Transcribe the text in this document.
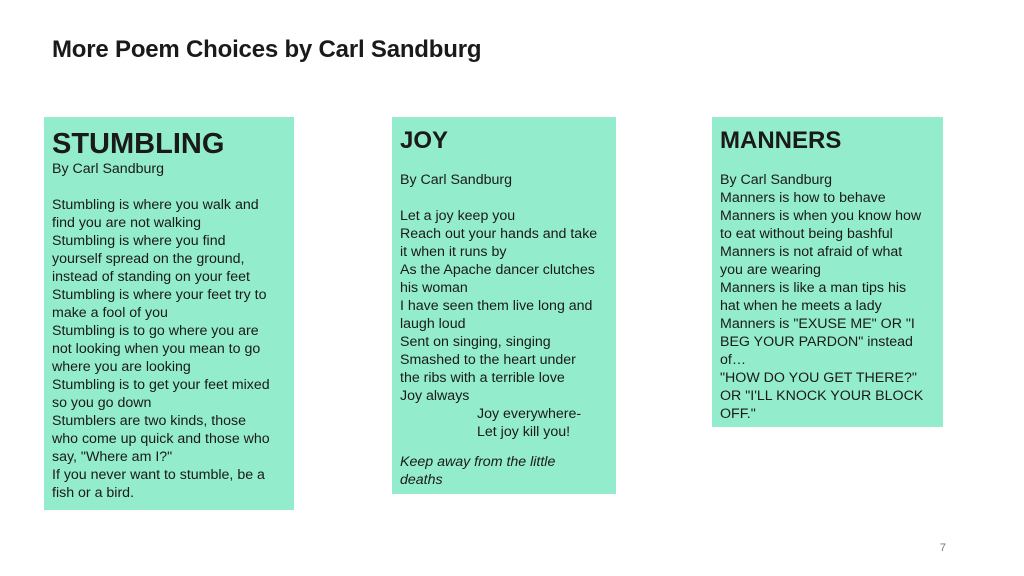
More Poem Choices by Carl Sandburg
STUMBLING
By Carl Sandburg
Stumbling is where you walk and
find you are not walking
Stumbling is where you find
yourself spread on the ground,
instead of standing on your feet
Stumbling is where your feet try to
make a fool of you
Stumbling is to go where you are
not looking when you mean to go
where you are looking
Stumbling is to get your feet mixed
so you go down
Stumblers are two kinds, those
who come up quick and those who
say, "Where am I?"
If you never want to stumble, be a
fish or a bird.
JOY
By Carl Sandburg
Let a joy keep you
Reach out your hands and take
it when it runs by
As the Apache dancer clutches
his woman
I have seen them live long and
laugh loud
Sent on singing, singing
Smashed to the heart under
the ribs with a terrible love
Joy always
Joy everywhere-
Let joy kill you!
Keep away from the little
deaths
MANNERS
By Carl Sandburg
Manners is how to behave
Manners is when you know how
to eat without being bashful
Manners is not afraid of what
you are wearing
Manners is like a man tips his
hat when he meets a lady
Manners is "EXUSE ME" OR "I
BEG YOUR PARDON" instead
of…
"HOW DO YOU GET THERE?"
OR "I'LL KNOCK YOUR BLOCK
OFF."
7
